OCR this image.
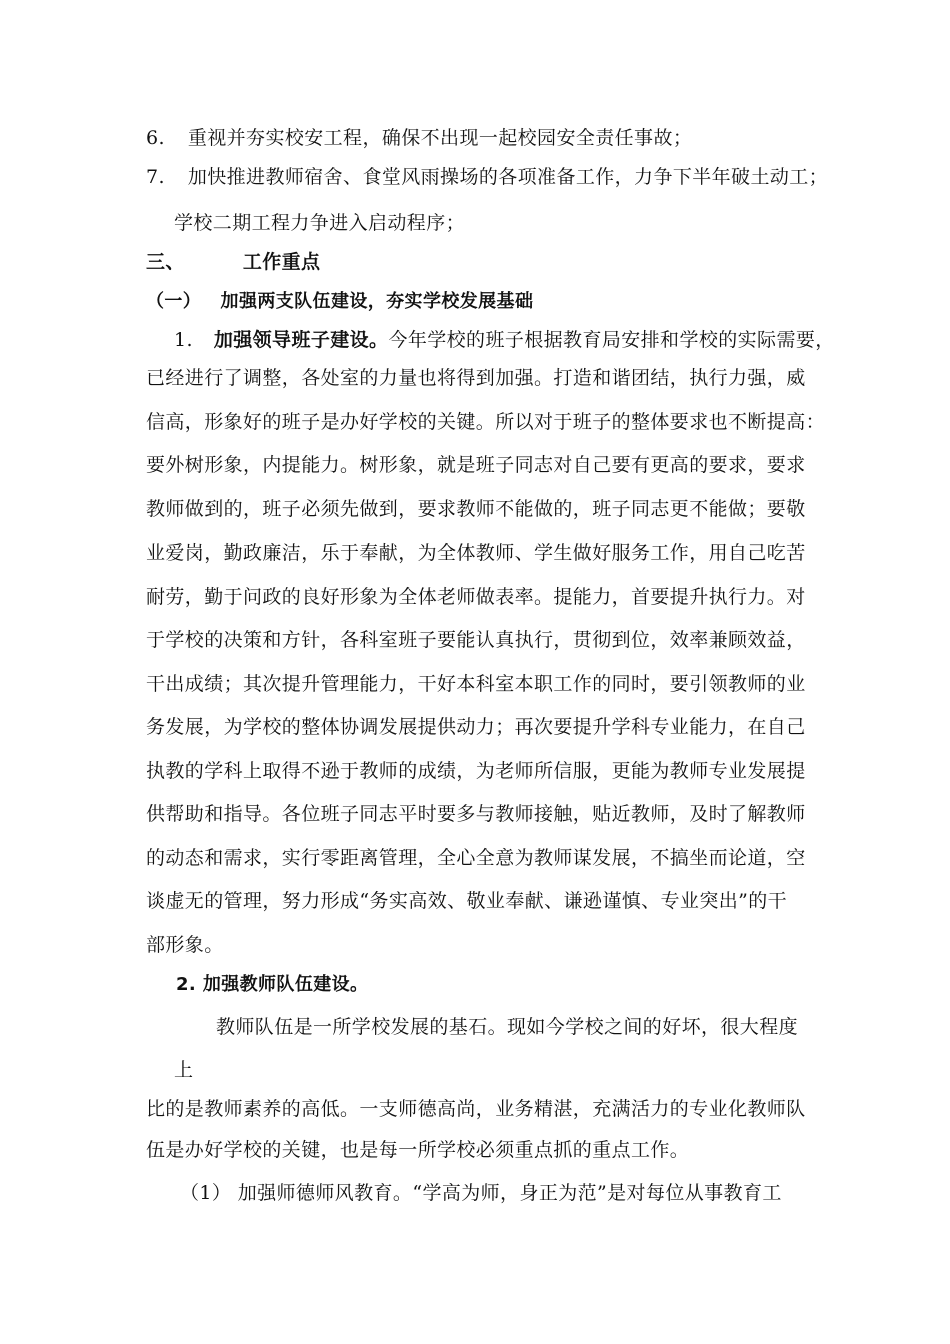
6. 重视并夯实校安工程，确保不出现一起校园安全责任事故；
7. 加快推进教师宿舍、食堂风雨操场的各项准备工作，力争下半年破土动工；
学校二期工程力争进入启动程序；
三、	工作重点
（一） 加强两支队伍建设，夯实学校发展基础
1. 加强领导班子建设。今年学校的班子根据教育局安排和学校的实际需要，
已经进行了调整，各处室的力量也将得到加强。打造和谐团结，执行力强，威
信高，形象好的班子是办好学校的关键。所以对于班子的整体要求也不断提高：
要外树形象，内提能力。树形象，就是班子同志对自己要有更高的要求，要求
教师做到的，班子必须先做到，要求教师不能做的，班子同志更不能做；要敬
业爱岗，勤政廉洁，乐于奉献，为全体教师、学生做好服务工作，用自己吃苦
耐劳，勤于问政的良好形象为全体老师做表率。提能力，首要提升执行力。对
于学校的决策和方针，各科室班子要能认真执行，贯彻到位，效率兼顾效益，
干出成绩；其次提升管理能力，干好本科室本职工作的同时，要引领教师的业
务发展，为学校的整体协调发展提供动力；再次要提升学科专业能力，在自己
执教的学科上取得不逊于教师的成绩，为老师所信服，更能为教师专业发展提
供帮助和指导。各位班子同志平时要多与教师接触，贴近教师，及时了解教师
的动态和需求，实行零距离管理，全心全意为教师谋发展，不搞坐而论道，空
谈虚无的管理，努力形成“务实高效、敬业奉献、谦逊谨慎、专业突出”的干
部形象。
2. 加强教师队伍建设。
教师队伍是一所学校发展的基石。现如今学校之间的好坏，很大程度
上
比的是教师素养的高低。一支师德高尚，业务精湛，充满活力的专业化教师队
伍是办好学校的关键，也是每一所学校必须重点抓的重点工作。
（1） 加强师德师风教育。“学高为师，身正为范”是对每位从事教育工
